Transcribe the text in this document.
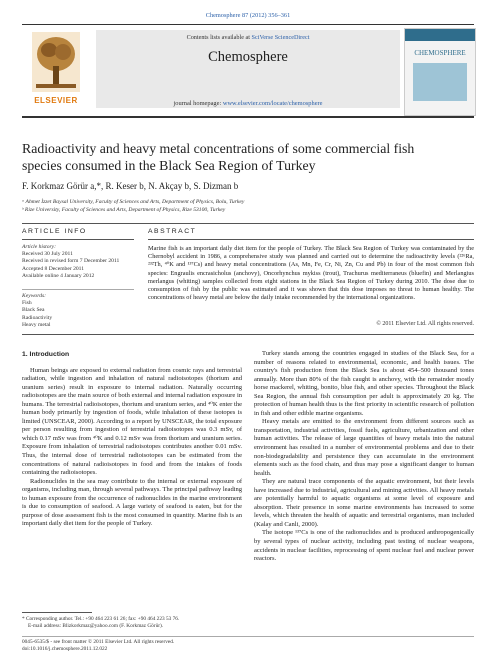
Chemosphere 87 (2012) 356–361
ELSEVIER
Contents lists available at SciVerse ScienceDirect
Chemosphere
journal homepage: www.elsevier.com/locate/chemosphere
CHEMOSPHERE
Radioactivity and heavy metal concentrations of some commercial fish
species consumed in the Black Sea Region of Turkey
F. Korkmaz Görür a,*, R. Keser b, N. Akçay b, S. Dizman b
ᵃ Ahmet İzzet Baysal University, Faculty of Sciences and Arts, Department of Physics, Bolu, Turkey
ᵇ Rize University, Faculty of Sciences and Arts, Department of Physics, Rize 53100, Turkey
ARTICLE INFO	ABSTRACT
Article history:
Received 30 July 2011
Received in revised form 7 December 2011
Accepted 8 December 2011
Available online 4 January 2012
Keywords:
Fish
Black Sea
Radioactivity
Heavy metal
Marine fish is an important daily diet item for the people of Turkey. The Black Sea Region of Turkey was contaminated by the Chernobyl accident in 1986, a comprehensive study was planned and carried out to determine the radioactivity levels (²²⁶Ra, ²³²Th, ⁴⁰K and ¹³⁷Cs) and heavy metal concentrations (As, Mn, Fe, Cr, Ni, Zn, Cu and Pb) in four of the most common fish species: Engraulis encrasicholus (anchovy), Oncorhynchus mykiss (trout), Trachurus mediterraneus (bluefin) and Merlangius merlangus (whiting) samples collected from eight stations in the Black Sea Region of Turkey during 2010. The dose due to consumption of fish by the public was estimated and it was shown that this dose imposes no threat to human healthy. The concentrations of heavy metal are below the daily intake recommended by the international organizations.
© 2011 Elsevier Ltd. All rights reserved.
1. Introduction

Human beings are exposed to external radiation from cosmic rays and terrestrial radiation, while ingestion and inhalation of natural radioisotopes (thorium and uranium series) result in exposure to internal radiation. Naturally occurring radioisotopes are the main source of both external and internal radiation exposure in humans. The terrestrial radioisotopes, thorium and uranium series, and ⁴⁰K enter the human body primarily by ingestion of foods, while inhalation of these isotopes is limited (UNSCEAR, 2000). According to a report by UNSCEAR, the total exposure per person resulting from ingestion of terrestrial radioisotopes was 0.3 mSv, of which 0.17 mSv was from ⁴⁰K and 0.12 mSv was from thorium and uranium series. Exposure from inhalation of terrestrial radioisotopes contributes another 0.01 mSv. Thus, the internal dose of terrestrial radioisotopes can be estimated from the concentrations of natural radioisotopes in food and from the intakes of foods containing the radioisotopes.

Radionuclides in the sea may contribute to the internal or external exposure of organisms, including man, through several pathways. The principal pathway leading to human exposure from the occurrence of radionuclides in the marine environment is due to consumption of seafood. A large variety of seafood is eaten, but for the purpose of dose assessment fish is the most consumed in quantity. Marine fish is an important daily diet item for the people of Turkey.

Turkey stands among the countries engaged in studies of the Black Sea, for a number of reasons related to environmental, economic, and health issues. The country's fish production from the Black Sea is about 454–500 thousand tones annually. More than 80% of the fish caught is anchovy, with the remainder mostly horse mackerel, whiting, bonito, blue fish, and other species. Throughout the Black Sea Region, the annual fish consumption per adult is approximately 20 kg. The protection of human health thus is the first priority in scientific research of pollution in fish and other edible marine organisms.

Heavy metals are emitted to the environment from different sources such as transportation, industrial activities, fossil fuels, agriculture, urbanization and other human activities. The release of large quantities of heavy metals into the natural environment has resulted in a number of environmental problems and due to their non-biodegradability and persistence they can accumulate in the environment elements such as the food chain, and thus may pose a significant danger to human health.

They are natural trace components of the aquatic environment, but their levels have increased due to industrial, agricultural and mining activities. All heavy metals are potentially harmful to aquatic organisms at some level of exposure and absorption. Their presence in some marine environments has increased to some levels, which threaten the health of aquatic and terrestrial organisms, man included (Kalay and Canli, 2000).

The isotope ¹³⁷Cs is one of the radionuclides and is produced anthropogenically by several types of nuclear activity, including past testing of nuclear weapons, accidents in nuclear facilities, reprocessing of spent nuclear fuel and nuclear power reactors.

* Corresponding author. Tel.: +90 464 223 61 26; fax: +90 464 223 53 76.
E-mail address: Blizkorkmaz@yahoo.com (F. Korkmaz Görür).
0045-6535/$ - see front matter © 2011 Elsevier Ltd. All rights reserved.
doi:10.1016/j.chemosphere.2011.12.022
